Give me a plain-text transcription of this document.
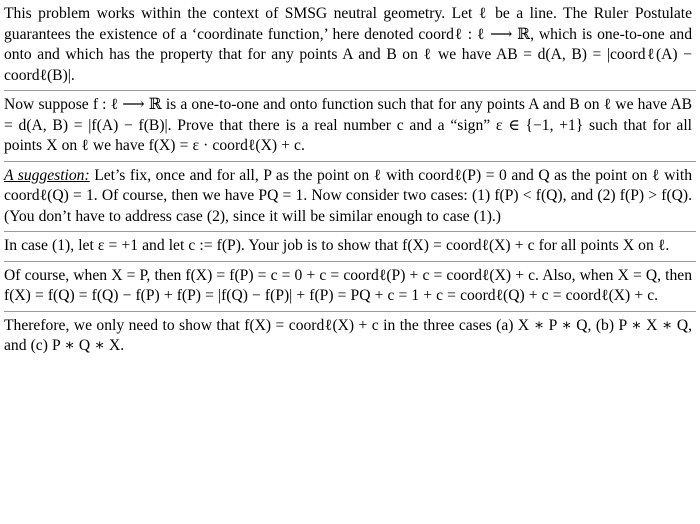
This problem works within the context of SMSG neutral geometry. Let ℓ be a line. The Ruler Postulate guarantees the existence of a ‘coordinate function,’ here denoted coordℓ : ℓ ⟶ ℝ, which is one-to-one and onto and which has the property that for any points A and B on ℓ we have AB = d(A, B) = |coordℓ(A) − coordℓ(B)|.

Now suppose f : ℓ ⟶ ℝ is a one-to-one and onto function such that for any points A and B on ℓ we have AB = d(A, B) = |f(A) − f(B)|. Prove that there is a real number c and a “sign” ε ∈ {−1, +1} such that for all points X on ℓ we have f(X) = ε · coordℓ(X) + c.

A suggestion: Let’s fix, once and for all, P as the point on ℓ with coordℓ(P) = 0 and Q as the point on ℓ with coordℓ(Q) = 1. Of course, then we have PQ = 1. Now consider two cases: (1) f(P) < f(Q), and (2) f(P) > f(Q). (You don’t have to address case (2), since it will be similar enough to case (1).)

In case (1), let ε = +1 and let c := f(P). Your job is to show that f(X) = coordℓ(X) + c for all points X on ℓ.

Of course, when X = P, then f(X) = f(P) = c = 0 + c = coordℓ(P) + c = coordℓ(X) + c. Also, when X = Q, then f(X) = f(Q) = f(Q) − f(P) + f(P) = |f(Q) − f(P)| + f(P) = PQ + c = 1 + c = coordℓ(Q) + c = coordℓ(X) + c.

Therefore, we only need to show that f(X) = coordℓ(X) + c in the three cases (a) X ∗ P ∗ Q, (b) P ∗ X ∗ Q, and (c) P ∗ Q ∗ X.
